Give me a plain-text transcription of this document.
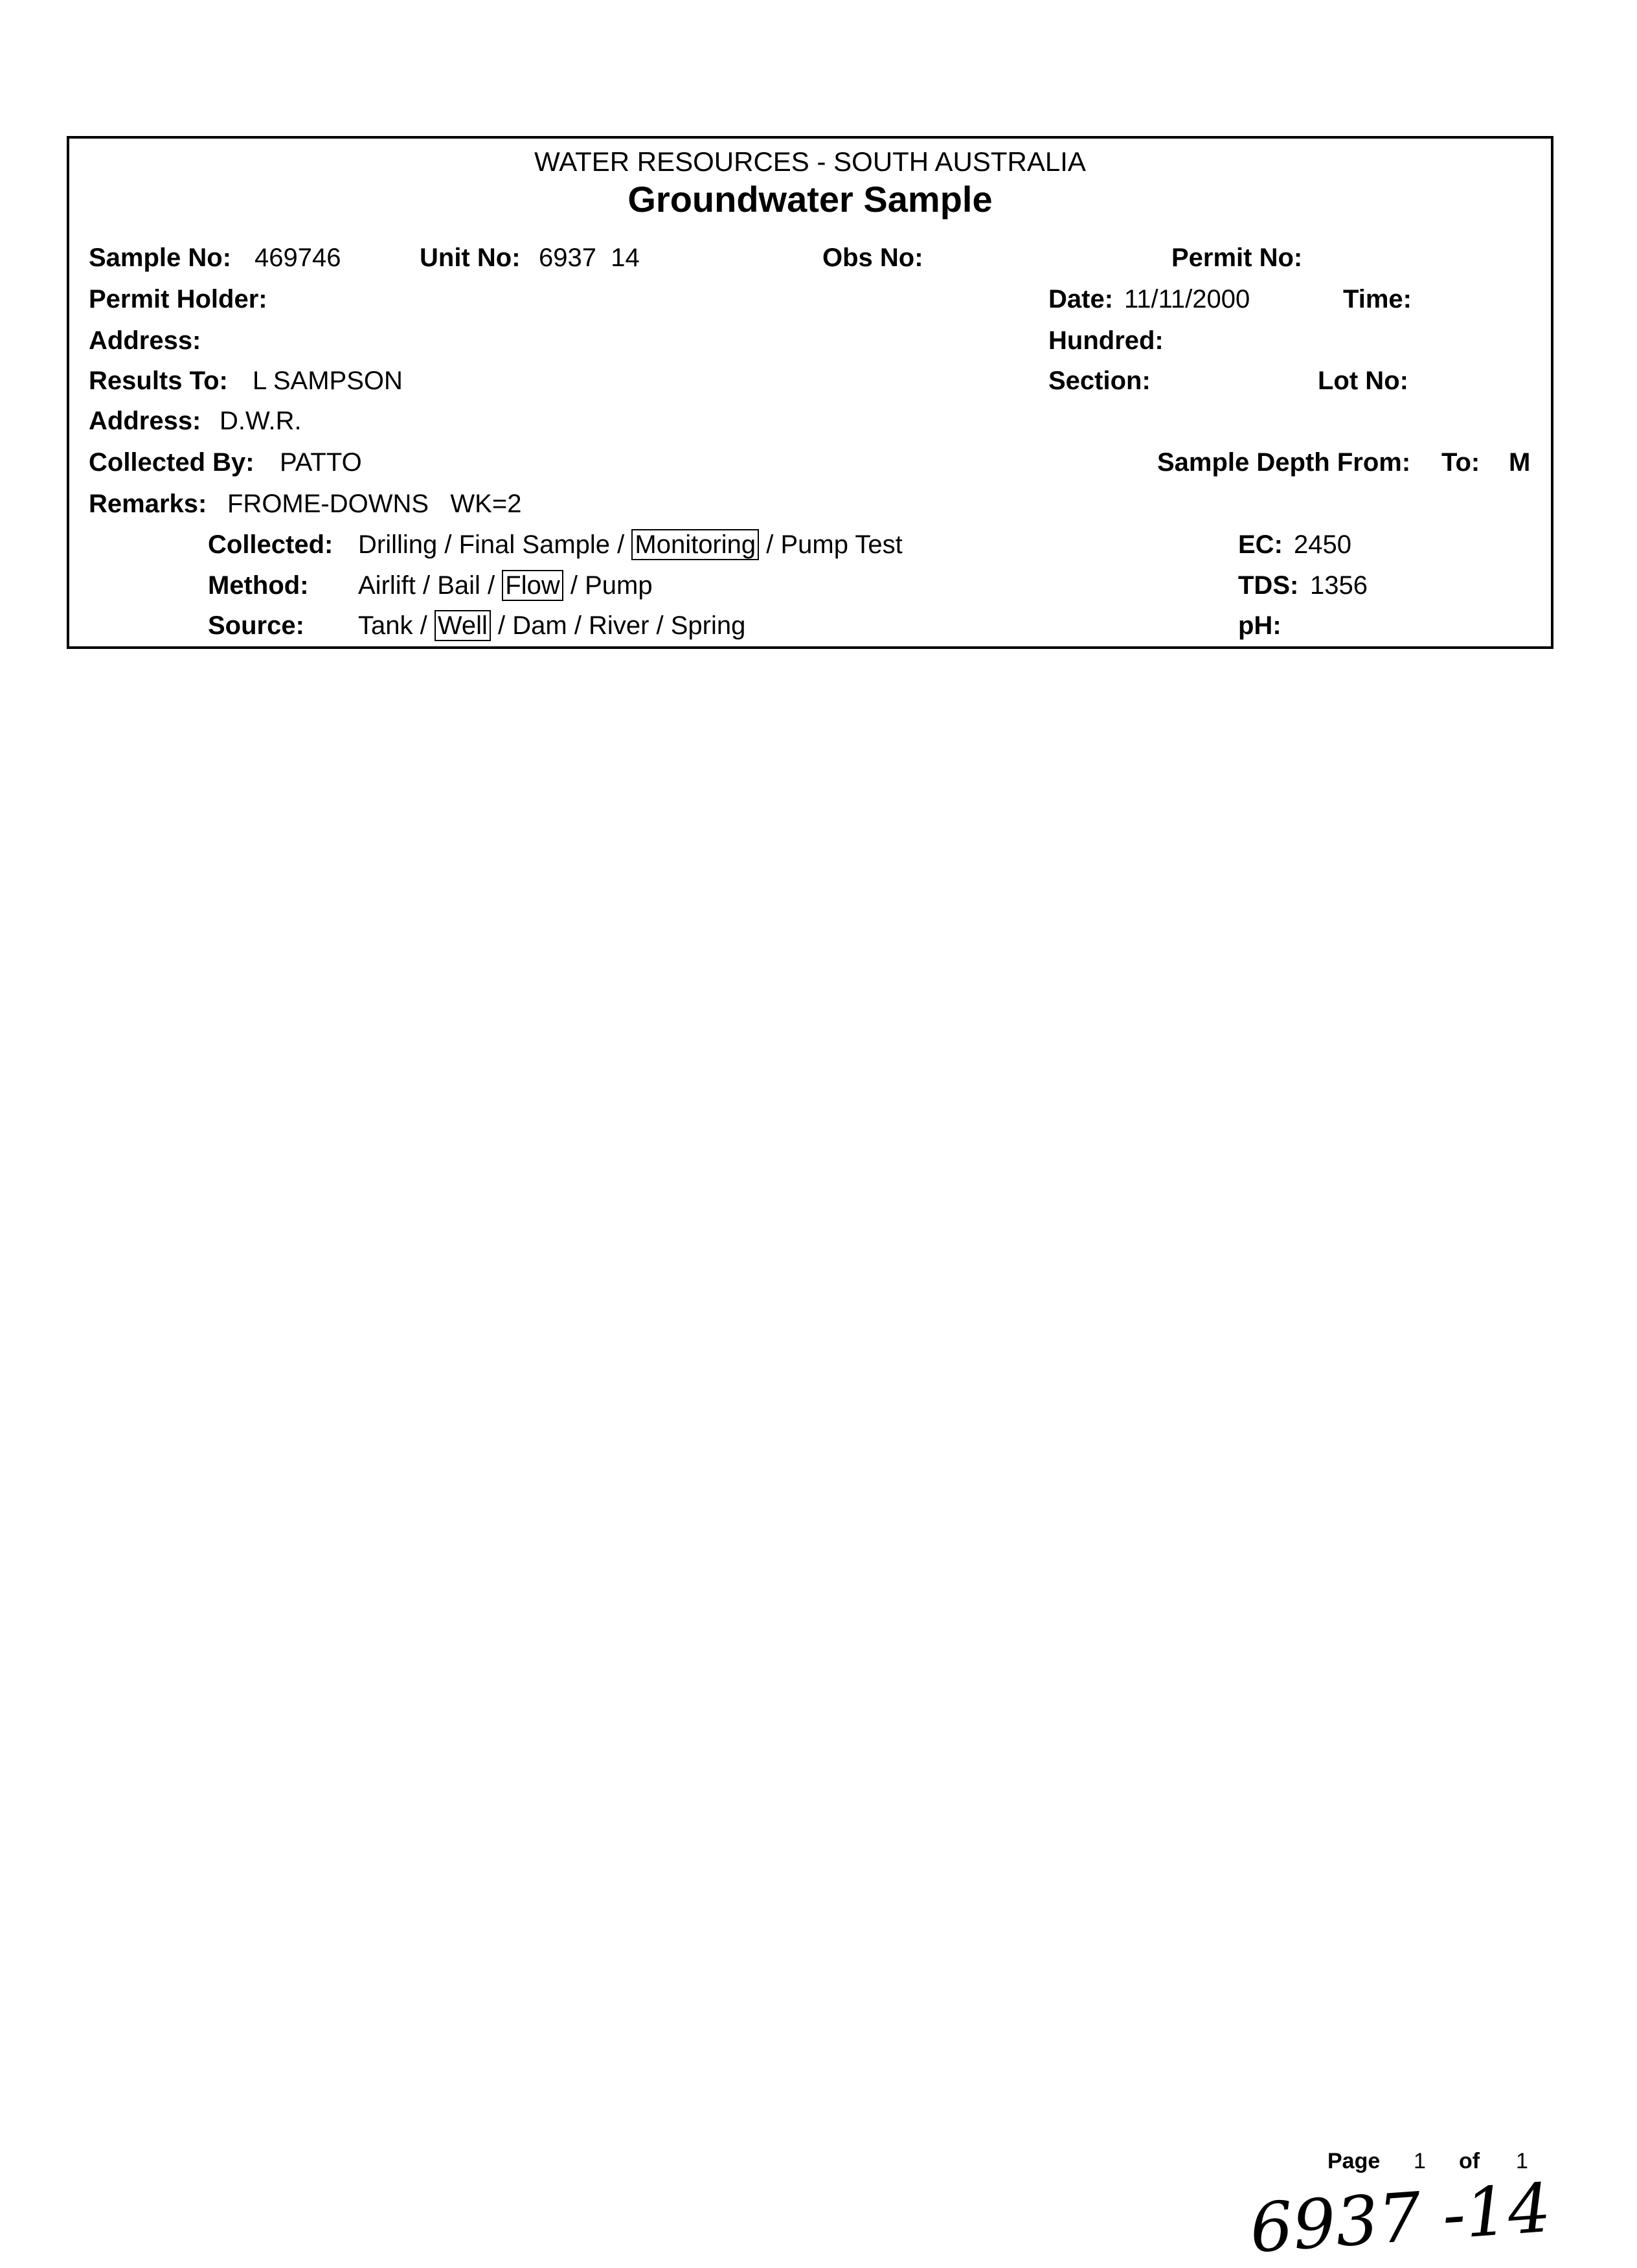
WATER RESOURCES - SOUTH AUSTRALIA
Groundwater Sample
Sample No: 469746	Unit No: 6937  14	Obs No:	Permit No:
Permit Holder:	Date: 11/11/2000	Time:
Address:	Hundred:
Results To: L SAMPSON	Section:	Lot No:
Address: D.W.R.
Collected By: PATTO	Sample Depth From: To: M
Remarks: FROME-DOWNS   WK=2
Collected: Drilling / Final Sample / Monitoring / Pump Test	EC: 2450
Method: Airlift / Bail / Flow / Pump	TDS: 1356
Source: Tank / Well / Dam / River / Spring	pH:
Page 1 of 1
6937 -14
